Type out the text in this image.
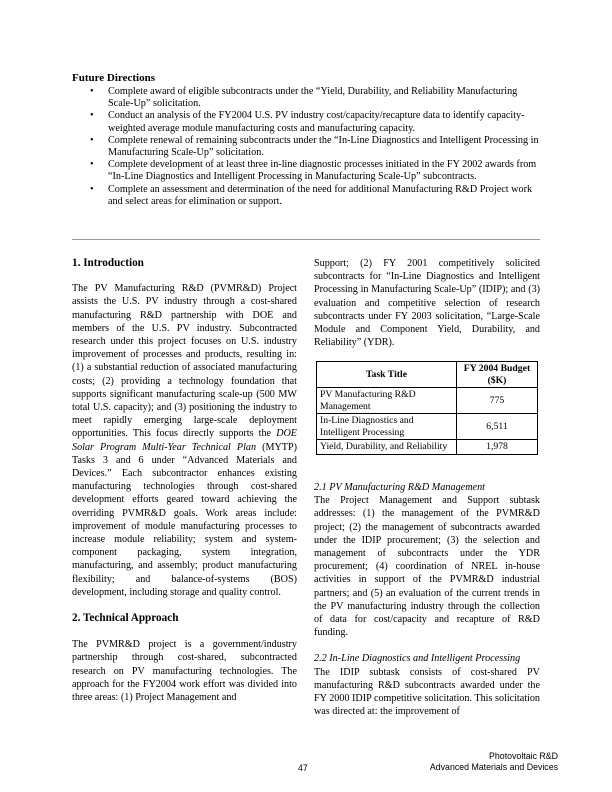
Future Directions
• Complete award of eligible subcontracts under the “Yield, Durability, and Reliability Manufacturing Scale-Up” solicitation.
• Conduct an analysis of the FY2004 U.S. PV industry cost/capacity/recapture data to identify capacity-weighted average module manufacturing costs and manufacturing capacity.
• Complete renewal of remaining subcontracts under the “In-Line Diagnostics and Intelligent Processing in Manufacturing Scale-Up” solicitation.
• Complete development of at least three in-line diagnostic processes initiated in the FY 2002 awards from “In-Line Diagnostics and Intelligent Processing in Manufacturing Scale-Up” subcontracts.
• Complete an assessment and determination of the need for additional Manufacturing R&D Project work and select areas for elimination or support.
1. Introduction

The PV Manufacturing R&D (PVMR&D) Project assists the U.S. PV industry through a cost-shared manufacturing R&D partnership with DOE and members of the U.S. PV industry. Subcontracted research under this project focuses on U.S. industry improvement of processes and products, resulting in: (1) a substantial reduction of associated manufacturing costs; (2) providing a technology foundation that supports significant manufacturing scale-up (500 MW total U.S. capacity); and (3) positioning the industry to meet rapidly emerging large-scale deployment opportunities. This focus directly supports the DOE Solar Program Multi-Year Technical Plan (MYTP) Tasks 3 and 6 under “Advanced Materials and Devices.” Each subcontractor enhances existing manufacturing technologies through cost-shared development efforts geared toward achieving the overriding PVMR&D goals. Work areas include: improvement of module manufacturing processes to increase module reliability; system and system-component packaging, system integration, manufacturing, and assembly; product manufacturing flexibility; and balance-of-systems (BOS) development, including storage and quality control.

2. Technical Approach

The PVMR&D project is a government/industry partnership through cost-shared, subcontracted research on PV manufacturing technologies. The approach for the FY2004 work effort was divided into three areas: (1) Project Management and

Support; (2) FY 2001 competitively solicited subcontracts for “In-Line Diagnostics and Intelligent Processing in Manufacturing Scale-Up” (IDIP); and (3) evaluation and competitive selection of research subcontracts under FY 2003 solicitation, “Large-Scale Module and Component Yield, Durability, and Reliability” (YDR).

Task Title	FY 2004 Budget ($K)
PV Manufacturing R&D Management	775
In-Line Diagnostics and Intelligent Processing	6,511
Yield, Durability, and Reliability	1,978
2.1 PV Manufacturing R&D Management

The Project Management and Support subtask addresses: (1) the management of the PVMR&D project; (2) the management of subcontracts awarded under the IDIP procurement; (3) the selection and management of subcontracts under the YDR procurement; (4) coordination of NREL in-house activities in support of the PVMR&D industrial partners; and (5) an evaluation of the current trends in the PV manufacturing industry through the collection of data for cost/capacity and recapture of R&D funding.

2.2 In-Line Diagnostics and Intelligent Processing

The IDIP subtask consists of cost-shared PV manufacturing R&D subcontracts awarded under the FY 2000 IDIP competitive solicitation. This solicitation was directed at: the improvement of

47
Photovoltaic R&D
Advanced Materials and Devices
